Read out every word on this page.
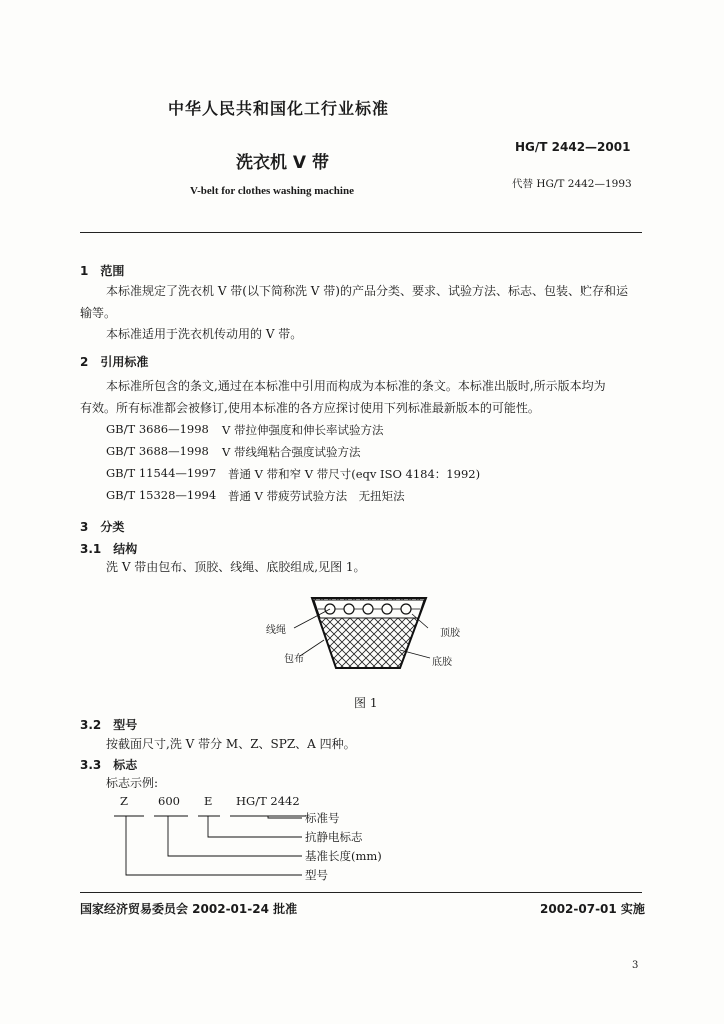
中华人民共和国化工行业标准
洗衣机 V 带
V-belt for clothes washing machine
HG/T 2442—2001
代替 HG/T 2442—1993
1　范围
本标准规定了洗衣机 V 带(以下简称洗 V 带)的产品分类、要求、试验方法、标志、包装、贮存和运
输等。
本标准适用于洗衣机传动用的 V 带。
2　引用标准
本标准所包含的条文,通过在本标准中引用而构成为本标准的条文。本标准出版时,所示版本均为
有效。所有标准都会被修订,使用本标准的各方应探讨使用下列标准最新版本的可能性。
GB/T 3686—1998 V 带拉伸强度和伸长率试验方法
GB/T 3688—1998 V 带线绳粘合强度试验方法
GB/T 11544—1997 普通 V 带和窄 V 带尺寸(eqv ISO 4184：1992)
GB/T 15328—1994 普通 V 带疲劳试验方法　无扭矩法
3　分类
3.1　结构
洗 V 带由包布、顶胶、线绳、底胶组成,见图 1。
线绳	顶胶
包布	底胶
图 1
3.2　型号
按截面尺寸,洗 V 带分 M、Z、SPZ、A 四种。
3.3　标志
标志示例:
Z	600 E HG/T 2442
标准号
抗静电标志
基准长度(mm)
型号
国家经济贸易委员会 2002-01-24 批准	2002-07-01 实施
3
